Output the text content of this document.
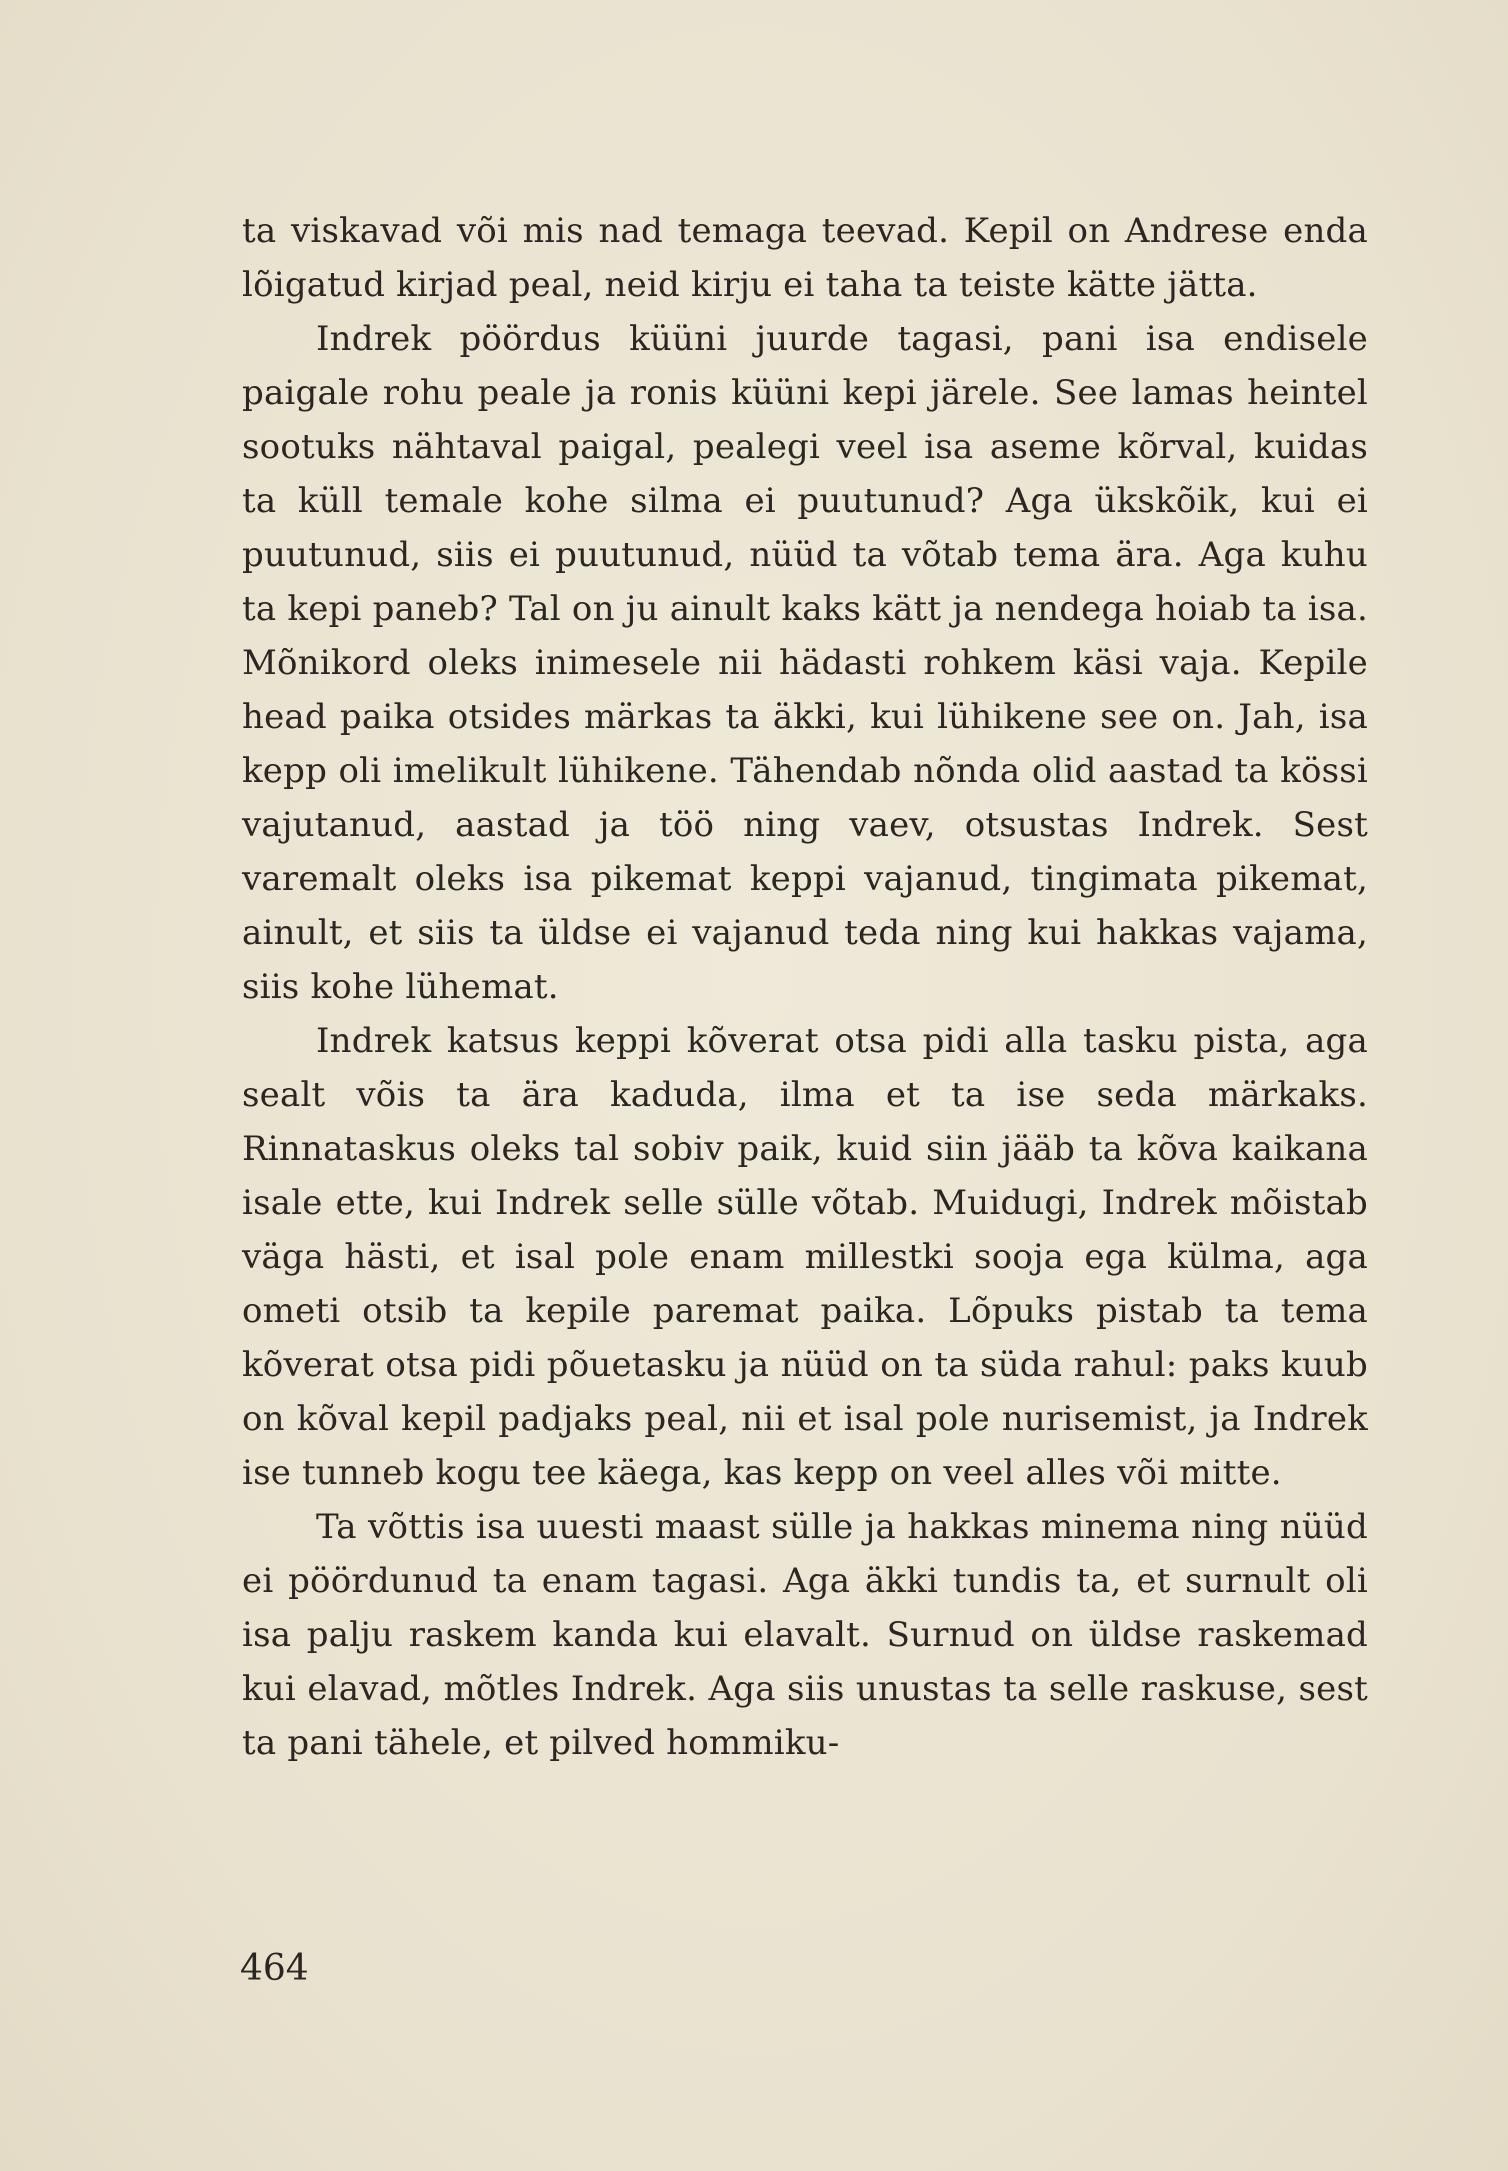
ta viskavad või mis nad temaga teevad. Kepil on Andrese enda lõigatud kirjad peal, neid kirju ei taha ta teiste kätte jätta.

Indrek pöördus küüni juurde tagasi, pani isa endisele paigale rohu peale ja ronis küüni kepi järele. See lamas heintel sootuks nähtaval paigal, pealegi veel isa aseme kõrval, kuidas ta küll temale kohe silma ei puutunud? Aga ükskõik, kui ei puutunud, siis ei puutunud, nüüd ta võtab tema ära. Aga kuhu ta kepi paneb? Tal on ju ainult kaks kätt ja nendega hoiab ta isa. Mõnikord oleks inimesele nii hädasti rohkem käsi vaja. Kepile head paika otsides märkas ta äkki, kui lühikene see on. Jah, isa kepp oli imelikult lühikene. Tähendab nõnda olid aastad ta kössi vajutanud, aastad ja töö ning vaev, otsustas Indrek. Sest varemalt oleks isa pikemat keppi vajanud, tingimata pikemat, ainult, et siis ta üldse ei vajanud teda ning kui hakkas vajama, siis kohe lühemat.

Indrek katsus keppi kõverat otsa pidi alla tasku pista, aga sealt võis ta ära kaduda, ilma et ta ise seda märkaks. Rinnataskus oleks tal sobiv paik, kuid siin jääb ta kõva kaikana isale ette, kui Indrek selle sülle võtab. Muidugi, Indrek mõistab väga hästi, et isal pole enam millestki sooja ega külma, aga ometi otsib ta kepile paremat paika. Lõpuks pistab ta tema kõverat otsa pidi põuetasku ja nüüd on ta süda rahul: paks kuub on kõval kepil padjaks peal, nii et isal pole nurisemist, ja Indrek ise tunneb kogu tee käega, kas kepp on veel alles või mitte.

Ta võttis isa uuesti maast sülle ja hakkas minema ning nüüd ei pöördunud ta enam tagasi. Aga äkki tundis ta, et surnult oli isa palju raskem kanda kui elavalt. Surnud on üldse raskemad kui elavad, mõtles Indrek. Aga siis unustas ta selle raskuse, sest ta pani tähele, et pilved hommiku-

464
